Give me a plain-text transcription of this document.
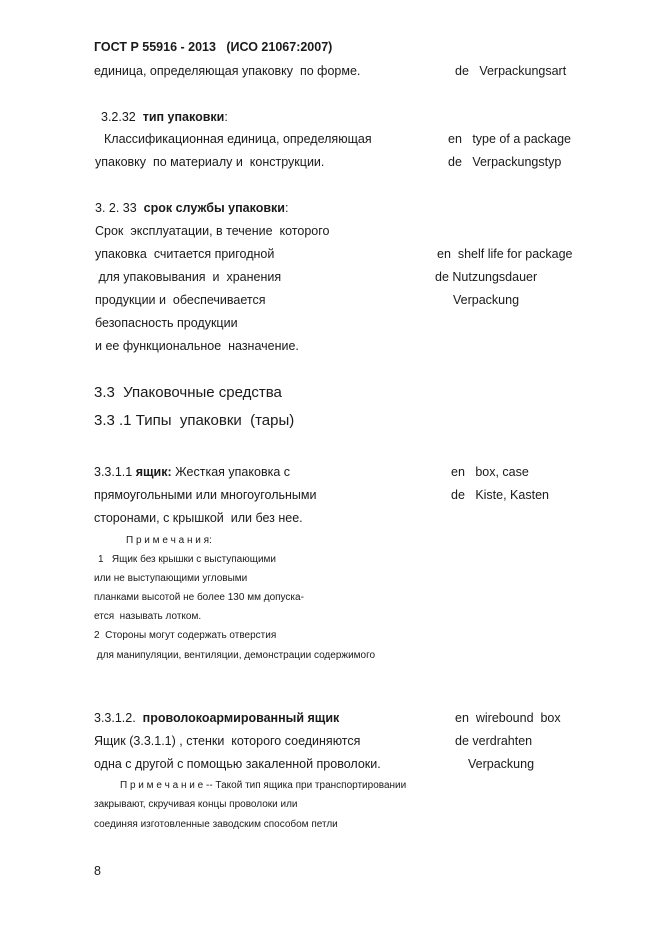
ГОСТ Р 55916 - 2013   (ИСО 21067:2007)
единица, определяющая упаковку  по форме.	de   Verpackungsart
3.2.32 тип упаковки:
Классификационная единица, определяющая	en   type of a package
упаковку  по материалу и  конструкции.	de   Verpackungstyp
3. 2. 33 срок службы упаковки:
Срок  эксплуатации, в течение  которого
упаковка  считается пригодной	en  shelf life for package
для упаковывания  и  хранения	de Nutzungsdauer
продукции и  обеспечивается	Verpackung
безопасность продукции
и ее функциональное  назначение.
3.3  Упаковочные средства
3.3 .1 Типы  упаковки  (тары)
3.3.1.1 ящик: Жесткая упаковка с	en   box, case
прямоугольными или многоугольными	de   Kiste, Kasten
сторонами, с крышкой  или без нее.
П р и м е ч а н и я:
1   Ящик без крышки с выступающими
или не выступающими угловыми
планками высотой не более 130 мм допуска-
ется  называть лотком.
2  Стороны могут содержать отверстия
для манипуляции, вентиляции, демонстрации содержимого
3.3.1.2. проволокоармированный ящик	en  wirebound  box
Ящик (3.3.1.1) , стенки  которого соединяются	de verdrahten
одна с другой с помощью закаленной проволоки.	Verpackung
П р и м е ч а н и е -- Такой тип ящика при транспортировании
закрывают, скручивая концы проволоки или
соединяя изготовленные заводским способом петли
8
